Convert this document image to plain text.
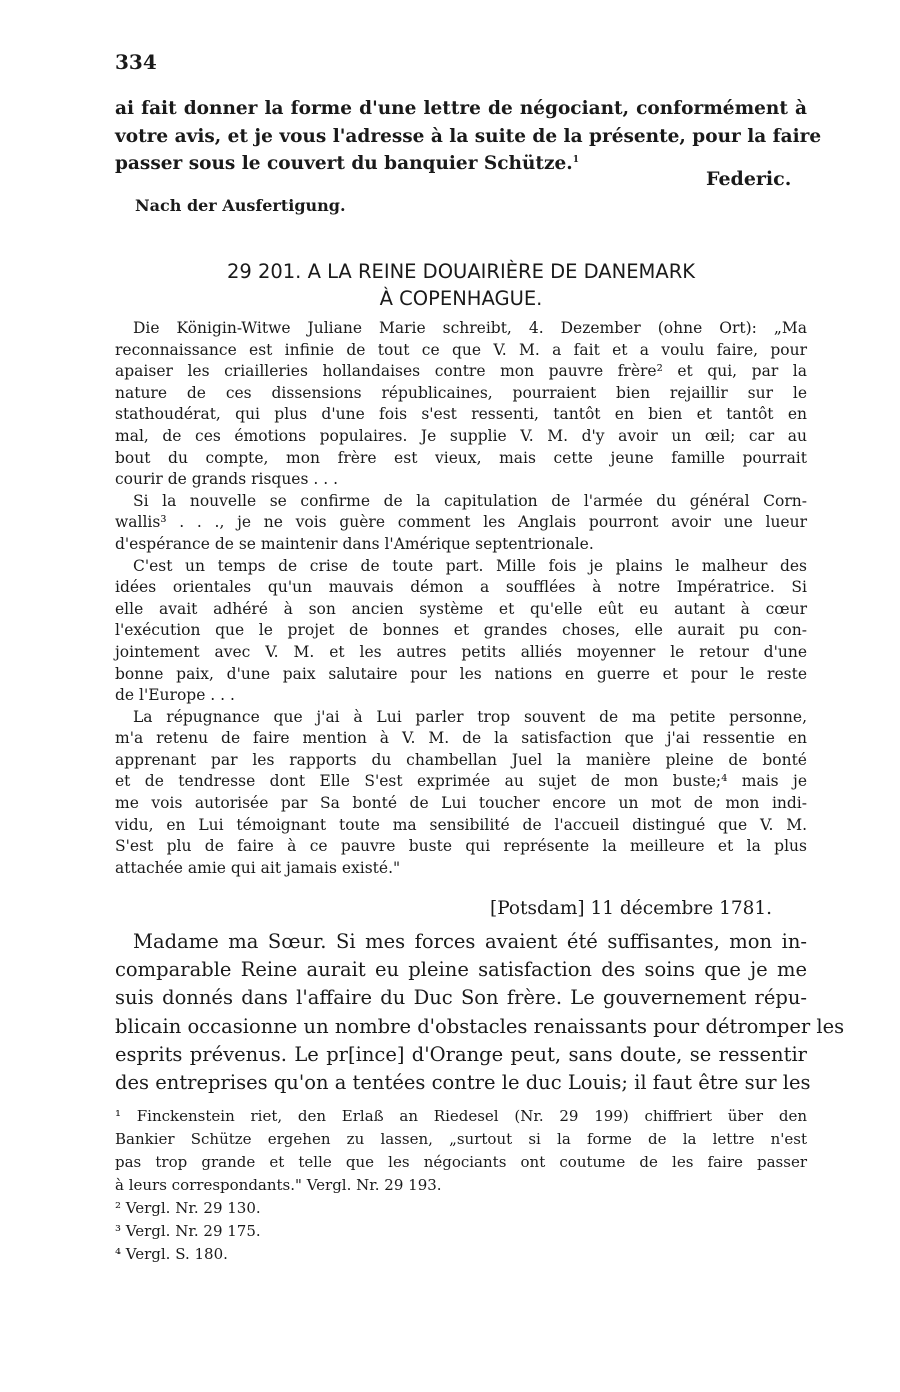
334
ai fait donner la forme d'une lettre de négociant, conformément à
votre avis, et je vous l'adresse à la suite de la présente, pour la faire
passer sous le couvert du banquier Schütze.$^1$
Federic.
Nach der Ausfertigung.
29 201. A LA REINE DOUAIRIÈRE DE DANEMARK
À COPENHAGUE.
Die Königin-Witwe Juliane Marie schreibt, 4. Dezember (ohne Ort): „Ma
reconnaissance est infinie de tout ce que V. M. a fait et a voulu faire, pour
apaiser les criailleries hollandaises contre mon pauvre frère² et qui, par la
nature de ces dissensions républicaines, pourraient bien rejaillir sur le
stathoudérat, qui plus d'une fois s'est ressenti, tantôt en bien et tantôt en
mal, de ces émotions populaires. Je supplie V. M. d'y avoir un œil; car au
bout du compte, mon frère est vieux, mais cette jeune famille pourrait
courir de grands risques . . .
Si la nouvelle se confirme de la capitulation de l'armée du général Corn-
wallis³ . . ., je ne vois guère comment les Anglais pourront avoir une lueur
d'espérance de se maintenir dans l'Amérique septentrionale.
C'est un temps de crise de toute part. Mille fois je plains le malheur des
idées orientales qu'un mauvais démon a soufflées à notre Impératrice. Si
elle avait adhéré à son ancien système et qu'elle eût eu autant à cœur
l'exécution que le projet de bonnes et grandes choses, elle aurait pu con-
jointement avec V. M. et les autres petits alliés moyenner le retour d'une
bonne paix, d'une paix salutaire pour les nations en guerre et pour le reste
de l'Europe . . .
La répugnance que j'ai à Lui parler trop souvent de ma petite personne,
m'a retenu de faire mention à V. M. de la satisfaction que j'ai ressentie en
apprenant par les rapports du chambellan Juel la manière pleine de bonté
et de tendresse dont Elle S'est exprimée au sujet de mon buste;⁴ mais je
me vois autorisée par Sa bonté de Lui toucher encore un mot de mon indi-
vidu, en Lui témoignant toute ma sensibilité de l'accueil distingué que V. M.
S'est plu de faire à ce pauvre buste qui représente la meilleure et la plus
attachée amie qui ait jamais existé."
[Potsdam] 11 décembre 1781.
Madame ma Sœur. Si mes forces avaient été suffisantes, mon in-
comparable Reine aurait eu pleine satisfaction des soins que je me
suis donnés dans l'affaire du Duc Son frère. Le gouvernement répu-
blicain occasionne un nombre d'obstacles renaissants pour détromper les
esprits prévenus. Le pr[ince] d'Orange peut, sans doute, se ressentir
des entreprises qu'on a tentées contre le duc Louis; il faut être sur les
¹ Finckenstein riet, den Erlaß an Riedesel (Nr. 29 199) chiffriert über den
Bankier Schütze ergehen zu lassen, „surtout si la forme de la lettre n'est
pas trop grande et telle que les négociants ont coutume de les faire passer
à leurs correspondants." Vergl. Nr. 29 193.
² Vergl. Nr. 29 130.
³ Vergl. Nr. 29 175.
⁴ Vergl. S. 180.
